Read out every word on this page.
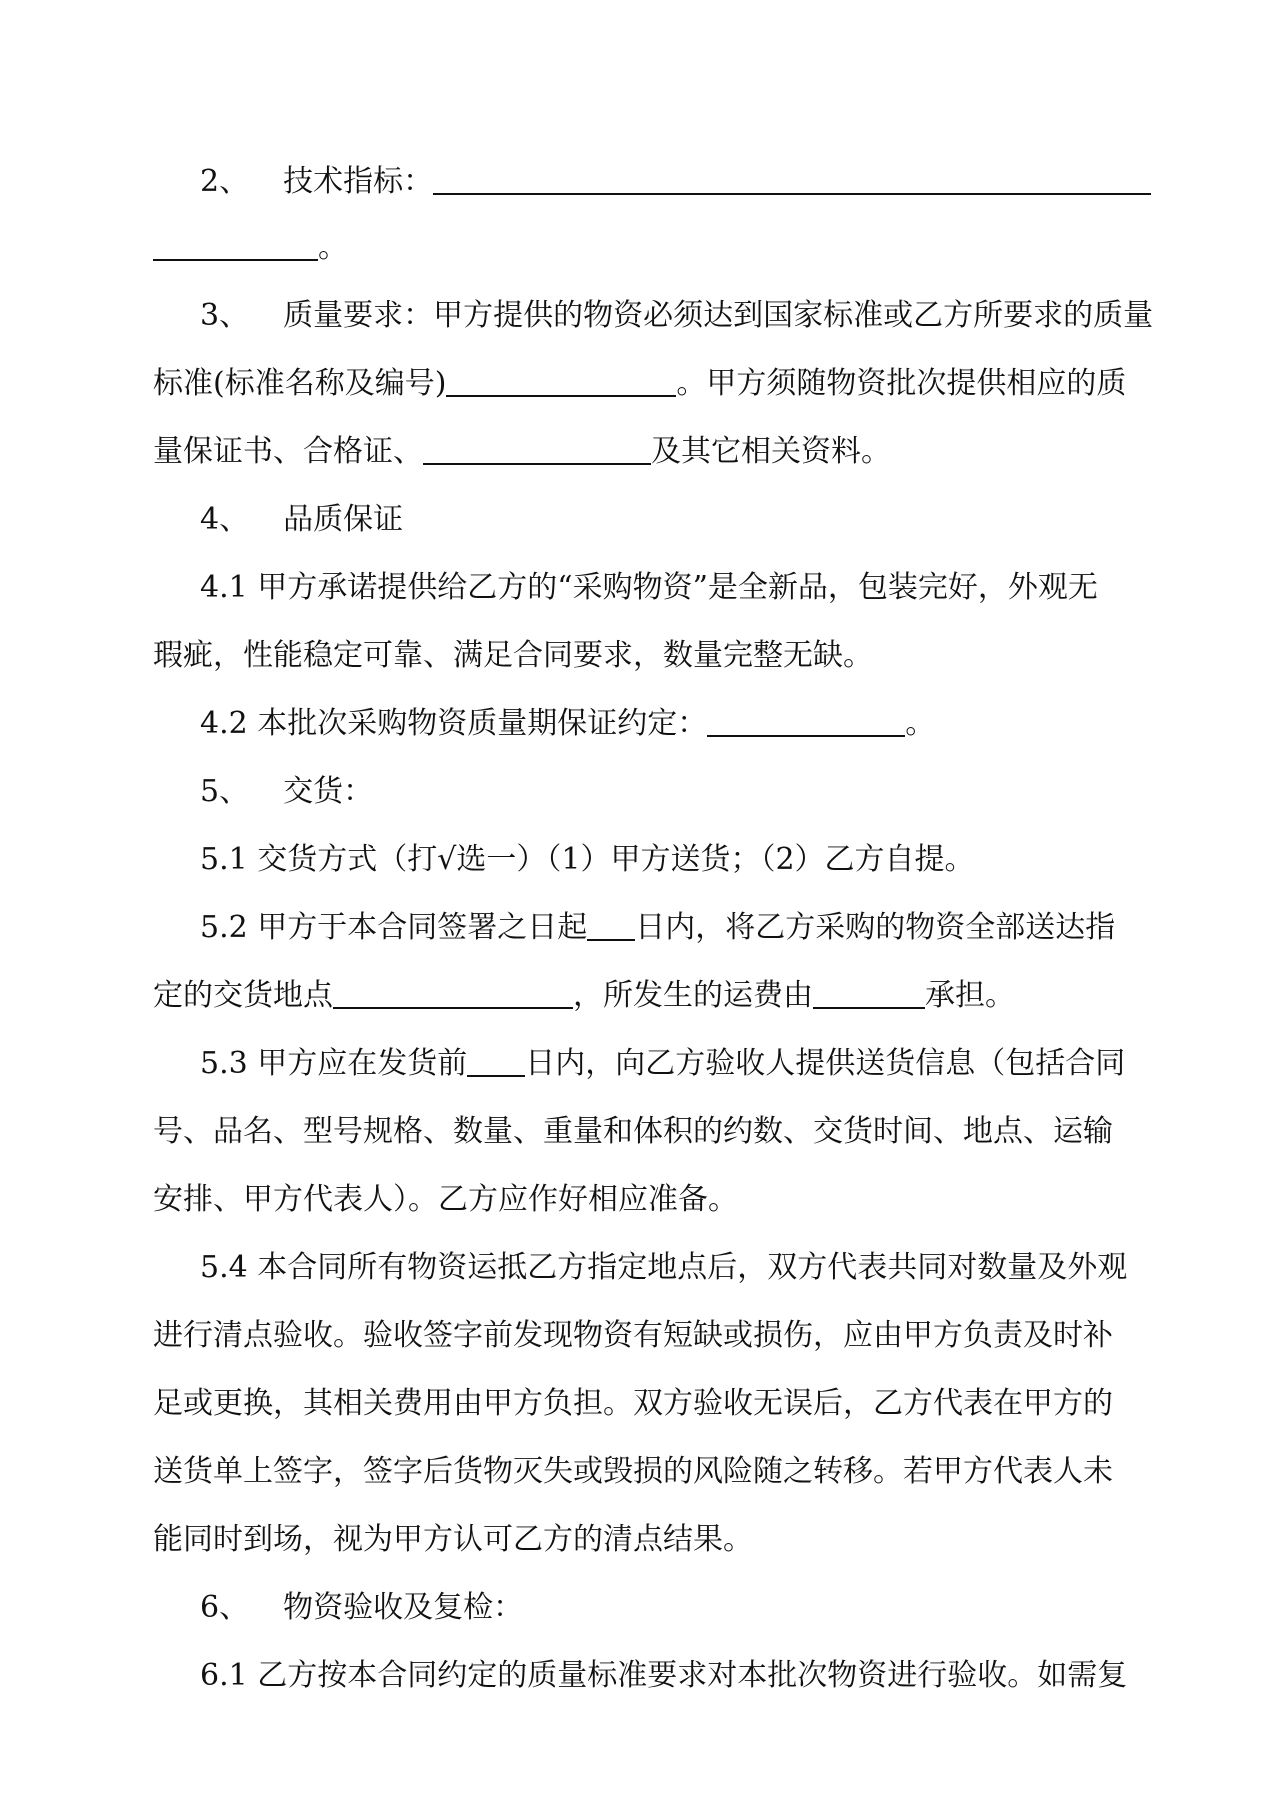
2、 技术指标：
。
3、 质量要求：甲方提供的物资必须达到国家标准或乙方所要求的质量
标准(标准名称及编号)	。甲方须随物资批次提供相应的质
量保证书、合格证、	及其它相关资料。
4、 品质保证
4.1 甲方承诺提供给乙方的“采购物资”是全新品，包装完好，外观无
瑕疵，性能稳定可靠、满足合同要求，数量完整无缺。
4.2 本批次采购物资质量期保证约定：	。
5、 交货：
5.1 交货方式（打√选一）（1）甲方送货；（2）乙方自提。
5.2 甲方于本合同签署之日起 日内，将乙方采购的物资全部送达指
定的交货地点	，所发生的运费由	承担。
5.3 甲方应在发货前 日内，向乙方验收人提供送货信息（包括合同
号、品名、型号规格、数量、重量和体积的约数、交货时间、地点、运输
安排、甲方代表人）。乙方应作好相应准备。
5.4 本合同所有物资运抵乙方指定地点后，双方代表共同对数量及外观
进行清点验收。验收签字前发现物资有短缺或损伤，应由甲方负责及时补
足或更换，其相关费用由甲方负担。双方验收无误后，乙方代表在甲方的
送货单上签字，签字后货物灭失或毁损的风险随之转移。若甲方代表人未
能同时到场，视为甲方认可乙方的清点结果。
6、 物资验收及复检：
6.1 乙方按本合同约定的质量标准要求对本批次物资进行验收。如需复
